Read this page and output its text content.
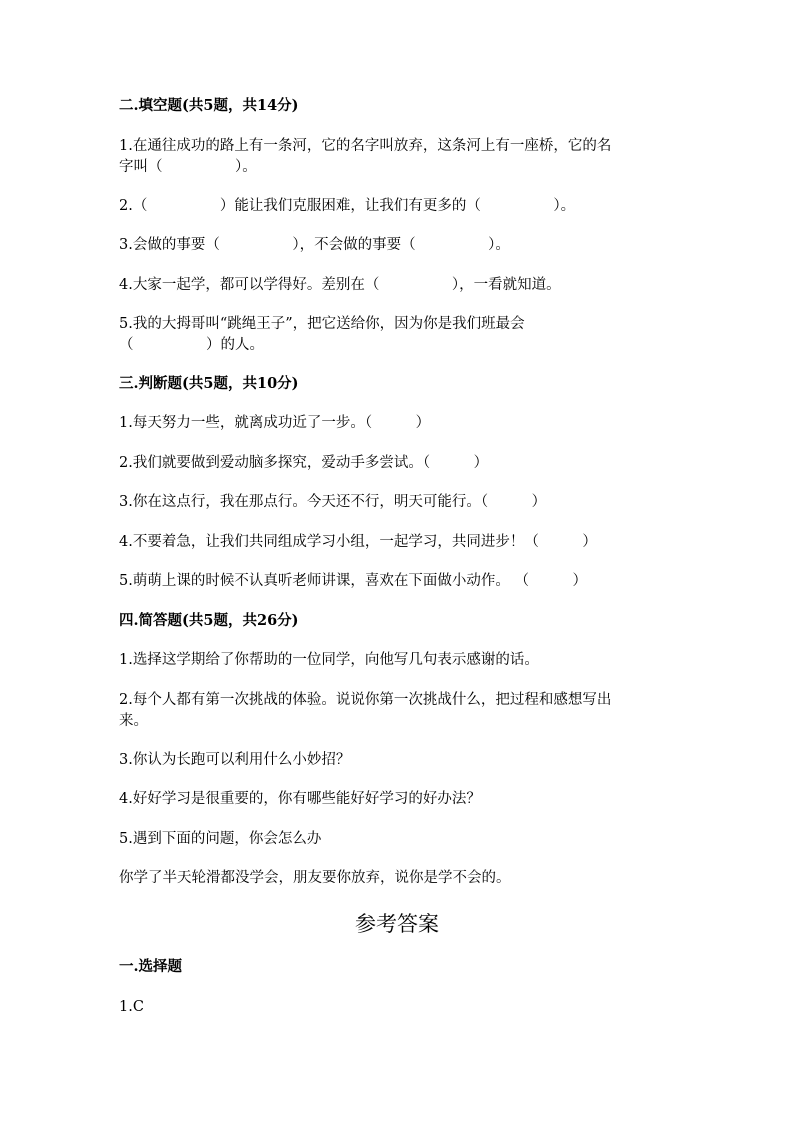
二.填空题(共5题，共14分)
1.在通往成功的路上有一条河，它的名字叫放弃，这条河上有一座桥，它的名
字叫（　　　　　）。
2.（　　　　　）能让我们克服困难，让我们有更多的（　　　　　）。
3.会做的事要（　　　　　），不会做的事要（　　　　　）。
4.大家一起学，都可以学得好。差别在（　　　　　），一看就知道。
5.我的大拇哥叫“跳绳王子”，把它送给你，因为你是我们班最会
（　　　　　）的人。
三.判断题(共5题，共10分)
1.每天努力一些，就离成功近了一步。（　　　）
2.我们就要做到爱动脑多探究，爱动手多尝试。（　　　）
3.你在这点行，我在那点行。今天还不行，明天可能行。（　　　）
4.不要着急，让我们共同组成学习小组，一起学习，共同进步！（　　　）
5.萌萌上课的时候不认真听老师讲课，喜欢在下面做小动作。 （　　　）
四.简答题(共5题，共26分)
1.选择这学期给了你帮助的一位同学，向他写几句表示感谢的话。
2.每个人都有第一次挑战的体验。说说你第一次挑战什么，把过程和感想写出
来。
3.你认为长跑可以利用什么小妙招？
4.好好学习是很重要的，你有哪些能好好学习的好办法？
5.遇到下面的问题，你会怎么办
你学了半天轮滑都没学会，朋友要你放弃，说你是学不会的。
参考答案
一.选择题
1.C
